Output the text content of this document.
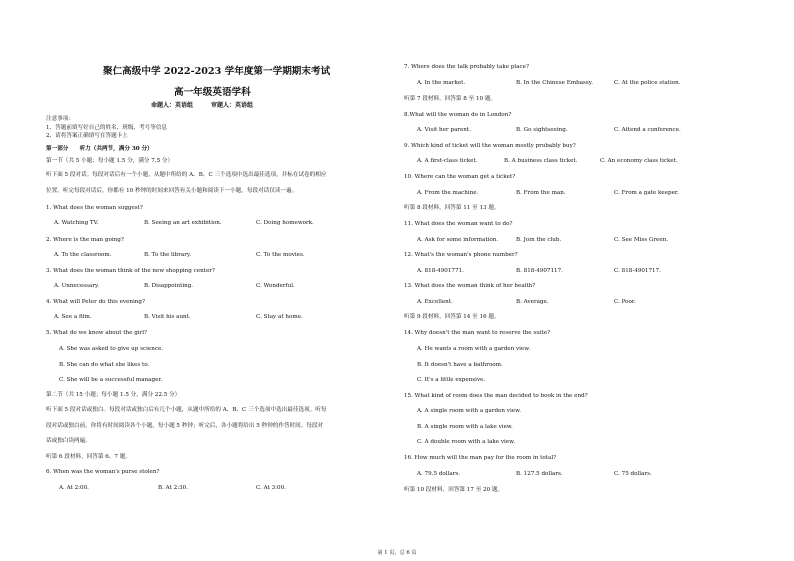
聚仁高级中学 2022-2023 学年度第一学期期末考试
高一年级英语学科
命题人：英语组　　　审题人：英语组
注意事项：
1、答题前填写好自己的姓名、班级、考号等信息
2、请将答案正确填写在答题卡上
第一部分　　听力（共两节，满分 30 分）
第一节（共 5 小题；每小题 1.5 分，满分 7.5 分）
听下面 5 段对话。每段对话后有一个小题，从题中所给的 A、B、C 三个选项中选出最佳选项，并标在试卷的相应
位置。听完每段对话后，你都有 10 秒钟的时间来回答有关小题和阅读下一小题。每段对话仅读一遍。
1. What does the woman suggest?
A. Watching TV.	B. Seeing an art exhibition.	C. Doing homework.
2. Where is the man going?
A. To the classroom.	B. To the library.	C. To the movies.
3. What does the woman think of the new shopping center?
A. Unnecessary.	B. Disappointing.	C. Wonderful.
4. What will Peter do this evening?
A. See a film.	B. Visit his aunt.	C. Stay at home.
5. What do we know about the girl?
A. She was asked to give up science.
B. She can do what she likes to.
C. She will be a successful manager.
第二节（共 15 小题；每小题 1.5 分，满分 22.5 分）
听下面 5 段对话或独白。每段对话或独白后有几个小题，从题中所给的 A、B、C 三个选项中选出最佳选项。听每
段对话或独白前，你将有时间阅读各个小题，每小题 5 秒钟；听完后，各小题将给出 5 秒钟的作答时间。每段对
话或独白读两遍。
听第 6 段材料，回答第 6、7 题。
6. When was the woman's purse stolen?
A. At 2:00.	B. At 2:30.	C. At 3:00.
7. Where does the talk probably take place?
A. In the market.	B. In the Chinese Embassy.	C. At the police station.
听第 7 段材料，回答第 8 至 10 题。
8.What will the woman do in London?
A. Visit her parent.	B. Go sightseeing.	C. Attend a conference.
9. Which kind of ticket will the woman mostly probably buy?
A. A first-class ticket.	B. A business class ticket.	C. An economy class ticket.
10. Where can the woman get a ticket?
A. From the machine.	B. From the man.	C. From a gate keeper.
听第 8 段材料，回答第 11 至 13 题。
11. What does the woman want to do?
A. Ask for some information.	B. Join the club.	C. See Miss Green.
12. What's the woman's phone number?
A. 818-4901771.	B. 818-4907117.	C. 818-4901717.
13. What does the woman think of her health?
A. Excellent.	B. Average.	C. Poor.
听第 9 段材料，回答第 14 至 16 题。
14. Why doesn't the man want to reserve the suite?
A. He wants a room with a garden view.
B. It doesn't have a bathroom.
C. It's a little expensive.
15. What kind of room does the man decided to book in the end?
A. A single room with a garden view.
B. A single room with a lake view.
C. A double room with a lake view.
16. How much will the man pay for the room in total?
A. 79.5 dollars.	B. 127.5 dollars.	C. 75 dollars.
听第 10 段材料，回答第 17 至 20 题。
第 1 页，总 6 页
